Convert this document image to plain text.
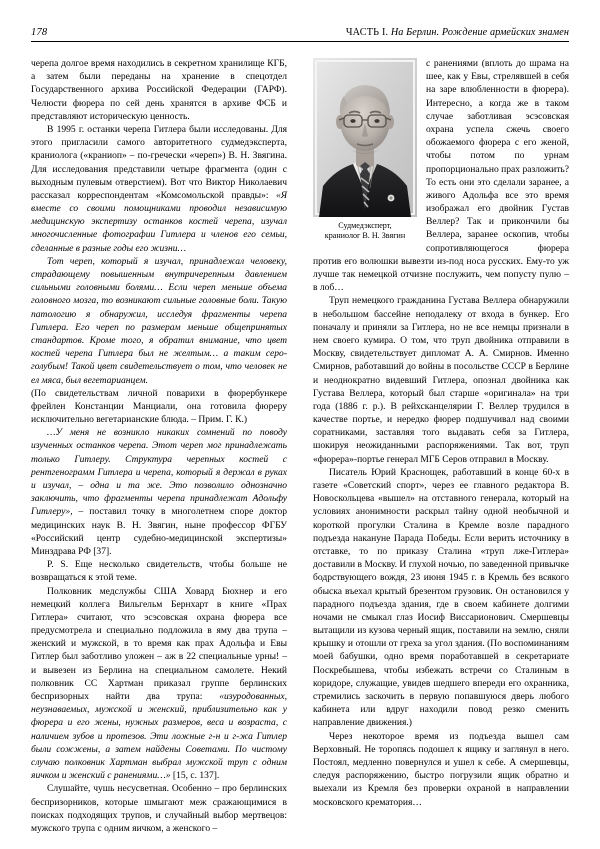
178	ЧАСТЬ I. На Берлин. Рождение армейских знамен

черепа долгое время находились в секретном хранилище КГБ, а затем были переданы на хранение в спецотдел Государственного архива Российской Федерации (ГАРФ). Челюсти фюрера по сей день хранятся в архиве ФСБ и представляют историческую ценность.

В 1995 г. останки черепа Гитлера были исследованы. Для этого пригласили самого авторитетного судмедэксперта, краниолога («краниоп» – по-гречески «череп») В. Н. Звягина. Для исследования представили четыре фрагмента (один с выходным пулевым отверстием). Вот что Виктор Николаевич рассказал корреспондентам «Комсомольской правды»: «Я вместе со своими помощниками проводил независимую медицинскую экспертизу останков костей черепа, изучал многочисленные фотографии Гитлера и членов его семьи, сделанные в разные годы его жизни…

Тот череп, который я изучал, принадлежал человеку, страдающему повышенным внутричерепным давлением сильными головными болями… Если череп меньше объема головного мозга, то возникают сильные головные боли. Такую патологию я обнаружил, исследуя фрагменты черепа Гитлера. Его череп по размерам меньше общепринятых стандартов. Кроме того, я обратил внимание, что цвет костей черепа Гитлера был не желтым… а таким серо-голубым! Такой цвет свидетельствует о том, что человек не ел мяса, был вегетарианцем.

(По свидетельствам личной поварихи в фюрербункере фрейлен Констанции Манциали, она готовила фюреру исключительно вегетарианские блюда. – Прим. Г. К.)

…У меня не возникло никаких сомнений по поводу изученных останков черепа. Этот череп мог принадлежать только Гитлеру. Структура черепных костей с рентгенограмм Гитлера и черепа, который я держал в руках и изучал, – одна и та же. Это позволило однозначно заключить, что фрагменты черепа принадлежат Адольфу Гитлеру», – поставил точку в многолетнем споре доктор медицинских наук В. Н. Звягин, ныне профессор ФГБУ «Российский центр судебно-медицинской экспертизы» Минздрава РФ [37].

P. S. Еще несколько свидетельств, чтобы больше не возвращаться к этой теме.

Полковник медслужбы США Ховард Бюхнер и его немецкий коллега Вильгельм Бернхарт в книге «Прах Гитлера» считают, что эсэсовская охрана фюрера все предусмотрела и специально подложила в яму два трупа – женский и мужской, в то время как прах Адольфа и Евы Гитлер был заботливо уложен – аж в 22 специальные урны! – и вывезен из Берлина на специальном самолете. Некий полковник СС Хартман приказал группе берлинских беспризорных найти два трупа: «изуродованных, неузнаваемых, мужской и женский, приблизительно как у фюрера и его жены, нужных размеров, веса и возраста, с наличием зубов и протезов. Эти ложные г-н и г-жа Гитлер были сожжены, а затем найдены Советами. По чистому случаю полковник Хартман выбрал мужской труп с одним яичком и женский с ранениями…» [15, с. 137].

Слушайте, чушь несусветная. Особенно – про берлинских беспризорников, которые шмыгают меж сражающимися в поисках подходящих трупов, и случайный выбор мертвецов: мужского трупа с одним яичком, а женского –

Судмедэксперт,
краниолог В. Н. Звягин

с ранениями (вплоть до шрама на шее, как у Евы, стрелявшей в себя на заре влюбленности в фюрера). Интересно, а когда же в таком случае заботливая эсэсовская охрана успела сжечь своего обожаемого фюрера с его женой, чтобы потом по урнам пропорционально прах разложить? То есть они это сделали заранее, а живого Адольфа все это время изображал его двойник Густав Веллер? Так и прикончили бы Веллера, заранее оскопив, чтобы сопротивляющегося фюрера против его волюшки вывезти из-под носа русских. Ему-то уж лучше так немецкой отчизне послужить, чем попусту пулю – в лоб…

Труп немецкого гражданина Густава Веллера обнаружили в небольшом бассейне неподалеку от входа в бункер. Его поначалу и приняли за Гитлера, но не все немцы признали в нем своего кумира. О том, что труп двойника отправили в Москву, свидетельствует дипломат А. А. Смирнов. Именно Смирнов, работавший до войны в посольстве СССР в Берлине и неоднократно видевший Гитлера, опознал двойника как Густава Веллера, который был старше «оригинала» на три года (1886 г. р.). В рейхсканцелярии Г. Веллер трудился в качестве портье, и нередко фюрер подшучивал над своими соратниками, заставляя того выдавать себя за Гитлера, шокируя неожиданными распоряжениями. Так вот, труп «фюрера»-портье генерал МГБ Серов отправил в Москву.

Писатель Юрий Краснощек, работавший в конце 60-х в газете «Советский спорт», через ее главного редактора В. Новоскольцева «вышел» на отставного генерала, который на условиях анонимности раскрыл тайну одной необычной и короткой прогулки Сталина в Кремле возле парадного подъезда накануне Парада Победы. Если верить источнику в отставке, то по приказу Сталина «труп лже-Гитлера» доставили в Москву. И глухой ночью, по заведенной привычке бодрствующего вождя, 23 июня 1945 г. в Кремль без всякого обыска въехал крытый брезентом грузовик. Он остановился у парадного подъезда здания, где в своем кабинете долгими ночами не смыкал глаз Иосиф Виссарионович. Смершевцы вытащили из кузова черный ящик, поставили на землю, сняли крышку и отошли от греха за угол здания. (По воспоминаниям моей бабушки, одно время поработавшей в секретариате Поскребышева, чтобы избежать встречи со Сталиным в коридоре, служащие, увидев шедшего впереди его охранника, стремились заскочить в первую попавшуюся дверь любого кабинета или вдруг находили повод резко сменить направление движения.)

Через некоторое время из подъезда вышел сам Верховный. Не торопясь подошел к ящику и заглянул в него. Постоял, медленно повернулся и ушел к себе. А смершевцы, следуя распоряжению, быстро погрузили ящик обратно и выехали из Кремля без проверки охраной в направлении московского крематория…
